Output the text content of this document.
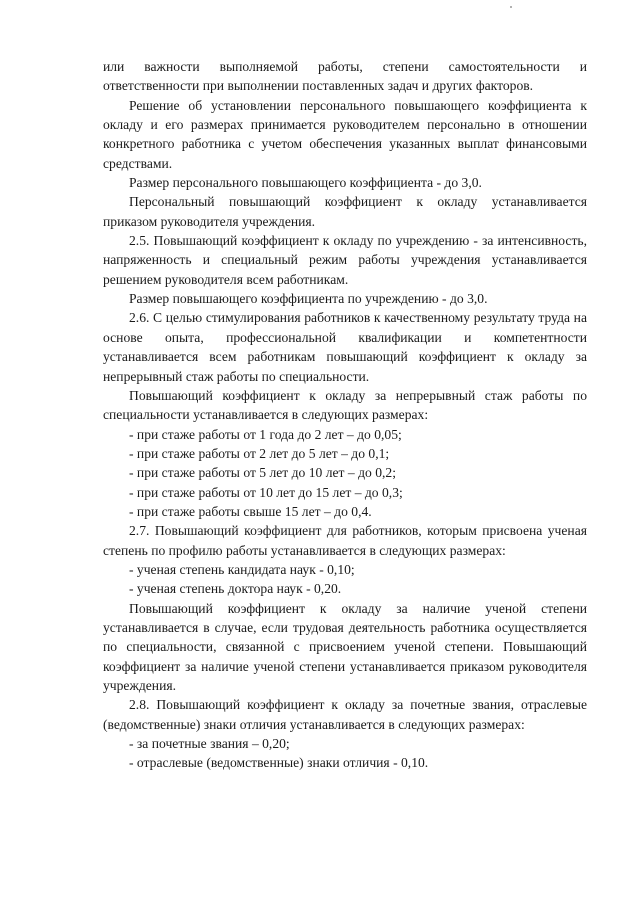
или важности выполняемой работы, степени самостоятельности и ответственности при выполнении поставленных задач и других факторов.

Решение об установлении персонального повышающего коэффициента к окладу и его размерах принимается руководителем персонально в отношении конкретного работника с учетом обеспечения указанных выплат финансовыми средствами.

Размер персонального повышающего коэффициента - до 3,0.

Персональный повышающий коэффициент к окладу устанавливается приказом руководителя учреждения.

2.5. Повышающий коэффициент к окладу по учреждению - за интенсивность, напряженность и специальный режим работы учреждения устанавливается решением руководителя всем работникам.

Размер повышающего коэффициента по учреждению - до 3,0.

2.6. С целью стимулирования работников к качественному результату труда на основе опыта, профессиональной квалификации и компетентности устанавливается всем работникам повышающий коэффициент к окладу за непрерывный стаж работы по специальности.

Повышающий коэффициент к окладу за непрерывный стаж работы по специальности устанавливается в следующих размерах:

- при стаже работы от 1 года до 2 лет – до 0,05;

- при стаже работы от 2 лет до 5 лет – до 0,1;

- при стаже работы от 5 лет до 10 лет – до 0,2;

- при стаже работы от 10 лет до 15 лет – до 0,3;

- при стаже работы свыше 15 лет – до 0,4.

2.7. Повышающий коэффициент для работников, которым присвоена ученая степень по профилю работы устанавливается в следующих размерах:

- ученая степень кандидата наук - 0,10;

- ученая степень доктора наук - 0,20.

Повышающий коэффициент к окладу за наличие ученой степени устанавливается в случае, если трудовая деятельность работника осуществляется по специальности, связанной с присвоением ученой степени. Повышающий коэффициент за наличие ученой степени устанавливается приказом руководителя учреждения.

2.8. Повышающий коэффициент к окладу за почетные звания, отраслевые (ведомственные) знаки отличия устанавливается в следующих размерах:

- за почетные звания – 0,20;

- отраслевые (ведомственные) знаки отличия - 0,10.
